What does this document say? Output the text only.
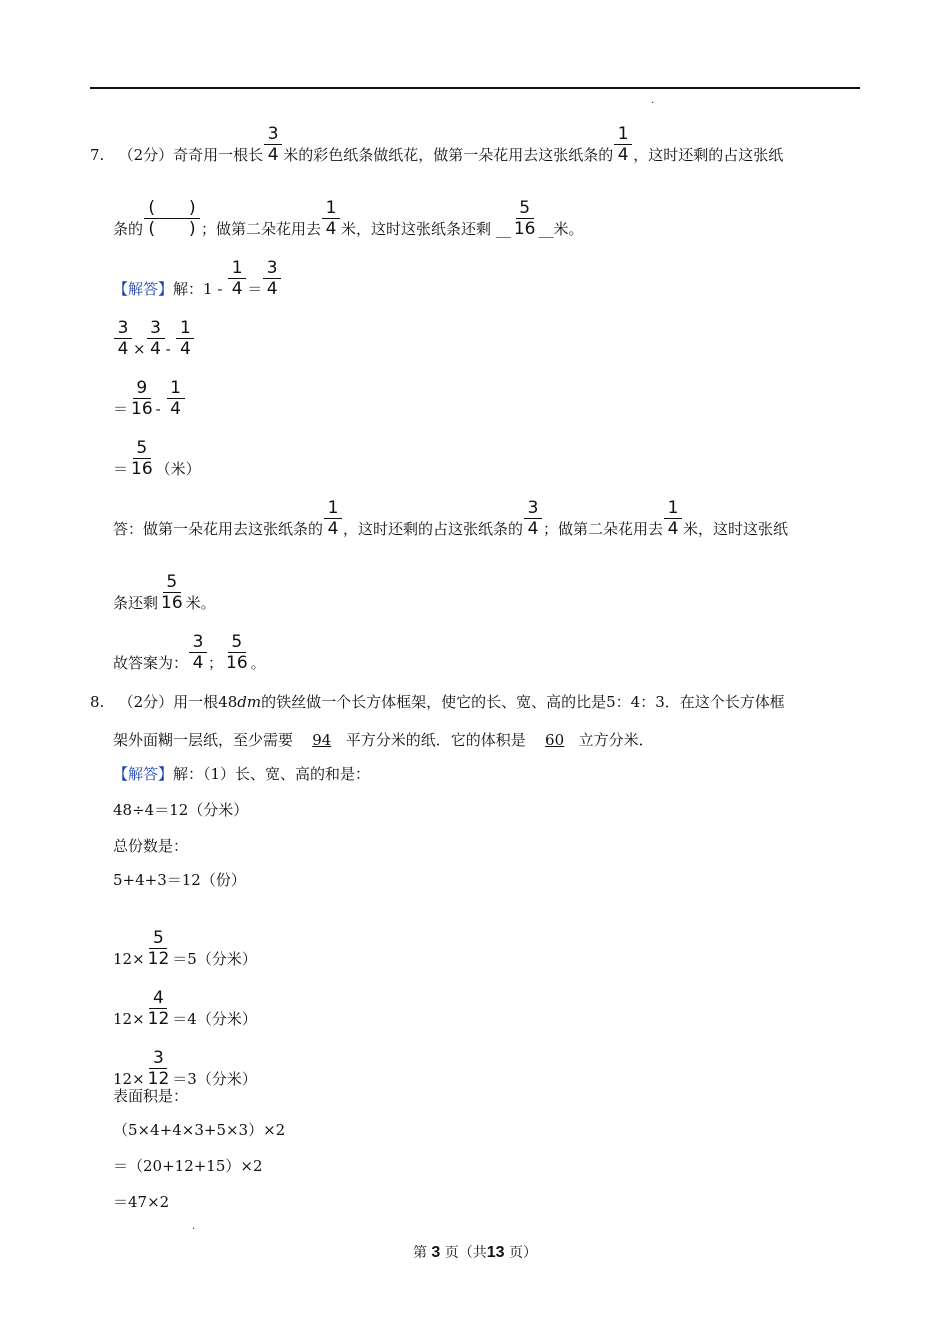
.
7.
（2分） 奇奇用一根长 $\frac{3}{4}$ 米的彩色纸条做纸花，做第一朵花用去这张纸条的 $\frac{1}{4}$ ，这时还剩的占这张纸
条的 $\frac{( )}{( )}$ ；做第二朵花用去 $\frac{1}{4}$ 米，这时这张纸条还剩
__ $\frac{5}{16}$ __ 米。
【解答】 解： 1 -
$\frac{1}{4} = \frac{3}{4}$
$\frac{3}{4} \times \frac{3}{4}$ -
$\frac{1}{4}$
＝ $\frac{9}{16}$ -
$\frac{1}{4}$
＝ $\frac{5}{16}$ （米）
答：做第一朵花用去这张纸条的 $\frac{1}{4}$ ，这时还剩的占这张纸条的 $\frac{3}{4}$ ；做第二朵花用去 $\frac{1}{4}$ 米，这时这张纸
条还剩 $\frac{5}{16}$ 米。
故答案为： $\frac{3}{4}$ ； $\frac{5}{16}$ 。
8.
（2分） 用一根 48 dm 的铁丝做一个长方体框架，使它的长、宽、高的比是 5：4：3．在这个长方体框
架外面糊一层纸，至少需要
	94 平方分米的纸．它的体积是
	60 立方分米．
【解答】 解：（1）长、宽、高的和是：
48÷4＝12（分米）
总份数是：
5+4+3＝12（份）
$12\times \frac{5}{12} =5$（分米）
$12\times \frac{4}{12} =4$（分米）
$12\times \frac{3}{12} =3$（分米）
表面积是：
（5×4+4×3+5×3）×2
＝（20+12+15）×2
＝47×2
.
第 3 页（共13 页）
